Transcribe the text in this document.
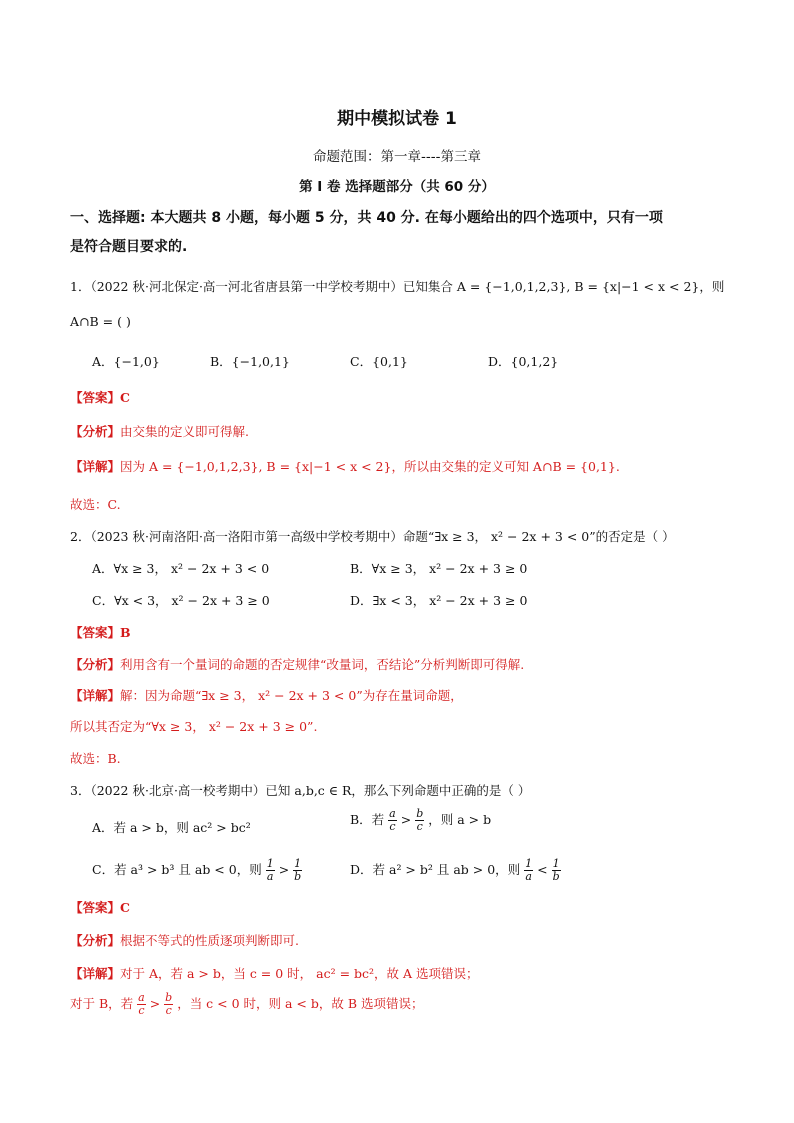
期中模拟试卷 1
命题范围：第一章----第三章
第 I 卷 选择题部分（共 60 分）
一、选择题: 本大题共 8 小题，每小题 5 分，共 40 分. 在每小题给出的四个选项中，只有一项
是符合题目要求的.
1．（2022 秋·河北保定·高一河北省唐县第一中学校考期中）已知集合 A = {−1,0,1,2,3}, B = {x|−1 < x < 2}，则
A∩B = ( )
A．{−1,0}	B．{−1,0,1}	C．{0,1}	D．{0,1,2}
【答案】C
【分析】由交集的定义即可得解.
【详解】因为 A = {−1,0,1,2,3}, B = {x|−1 < x < 2}，所以由交集的定义可知 A∩B = {0,1}.
故选：C.
2．（2023 秋·河南洛阳·高一洛阳市第一高级中学校考期中）命题“∃x ≥ 3， x² − 2x + 3 < 0”的否定是（ ）
A．∀x ≥ 3， x² − 2x + 3 < 0	B．∀x ≥ 3， x² − 2x + 3 ≥ 0
C．∀x < 3， x² − 2x + 3 ≥ 0	D．∃x < 3， x² − 2x + 3 ≥ 0
【答案】B
【分析】利用含有一个量词的命题的否定规律“改量词，否结论”分析判断即可得解.
【详解】解：因为命题“∃x ≥ 3， x² − 2x + 3 < 0”为存在量词命题，
所以其否定为“∀x ≥ 3， x² − 2x + 3 ≥ 0”.
故选：B.
3．（2022 秋·北京·高一校考期中）已知 a,b,c ∈ R，那么下列命题中正确的是（ ）
A．若 a > b，则 ac² > bc²
B．若 $\frac{a}{c} > \frac{b}{c}$ ，则 a > b
C．若 a³ > b³ 且 ab < 0，则 $\frac{1}{a} > \frac{1}{b}$	D．若 a² > b² 且 ab > 0，则 $\frac{1}{a} < \frac{1}{b}$
【答案】C
【分析】根据不等式的性质逐项判断即可.
【详解】对于 A，若 a > b，当 c = 0 时， ac² = bc²，故 A 选项错误；
对于 B，若 $\frac{a}{c} > \frac{b}{c}$ ，当 c < 0 时，则 a < b，故 B 选项错误；
